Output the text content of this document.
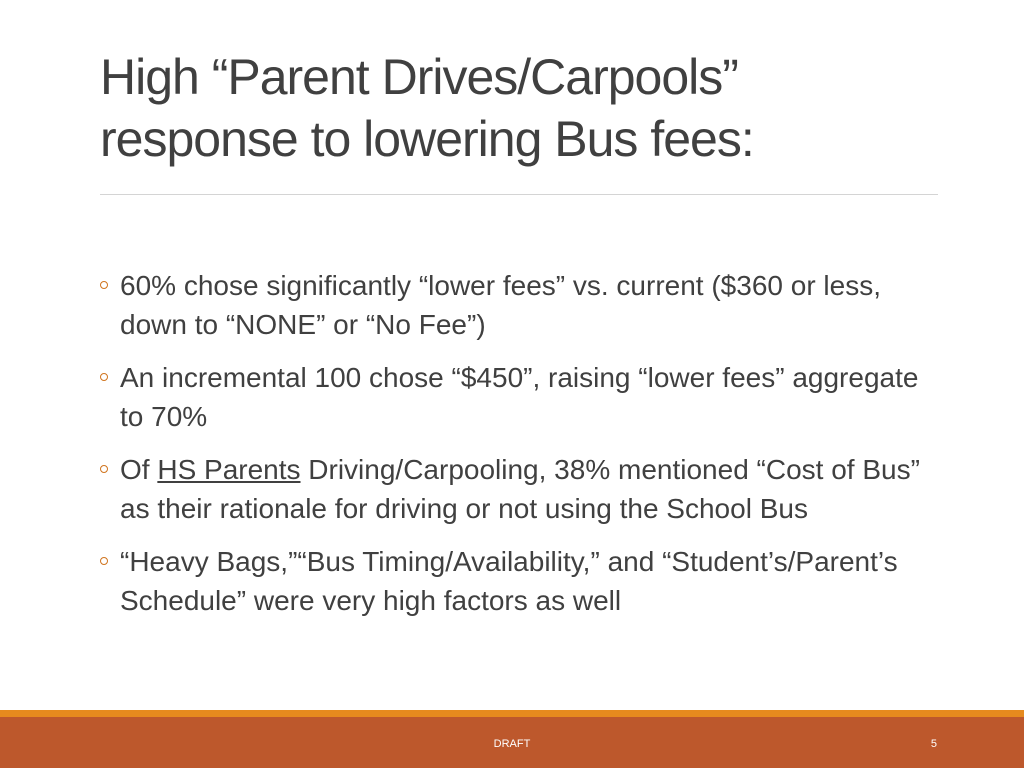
High “Parent Drives/Carpools”
response to lowering Bus fees:
60% chose significantly “lower fees” vs. current ($360 or less, down to “NONE” or “No Fee”)
An incremental 100 chose “$450”, raising “lower fees” aggregate to 70%
Of HS Parents Driving/Carpooling, 38% mentioned “Cost of Bus” as their rationale for driving or not using the School Bus
“Heavy Bags,”“Bus Timing/Availability,” and “Student’s/Parent’s Schedule” were very high factors as well
DRAFT	5
